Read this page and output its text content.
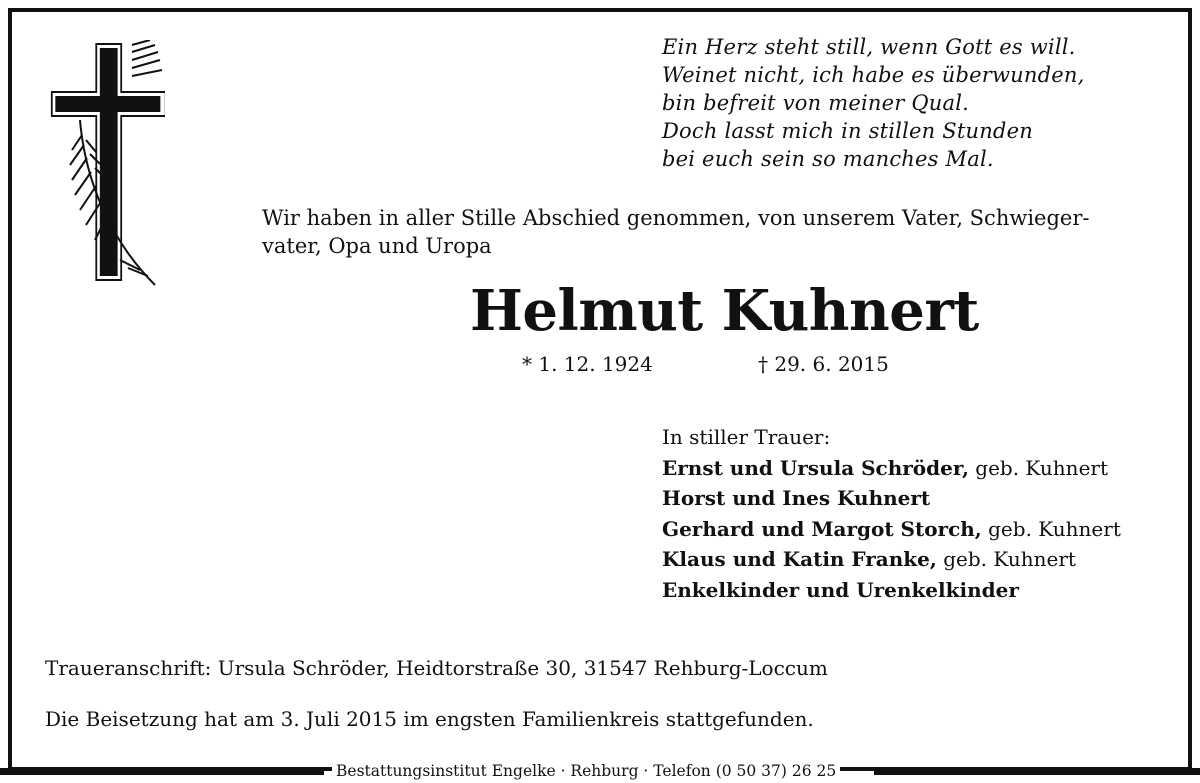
Ein Herz steht still, wenn Gott es will.
Weinet nicht, ich habe es überwunden,
bin befreit von meiner Qual.
Doch lasst mich in stillen Stunden
bei euch sein so manches Mal.
Wir haben in aller Stille Abschied genommen, von unserem Vater, Schwieger-
vater, Opa und Uropa
Helmut Kuhnert
* 1. 12. 1924	† 29. 6. 2015
In stiller Trauer:
Ernst und Ursula Schröder, geb. Kuhnert
Horst und Ines Kuhnert
Gerhard und Margot Storch, geb. Kuhnert
Klaus und Katin Franke, geb. Kuhnert
Enkelkinder und Urenkelkinder
Traueranschrift: Ursula Schröder, Heidtorstraße 30, 31547 Rehburg-Loccum
Die Beisetzung hat am 3. Juli 2015 im engsten Familienkreis stattgefunden.
Bestattungsinstitut Engelke · Rehburg · Telefon (0 50 37) 26 25
